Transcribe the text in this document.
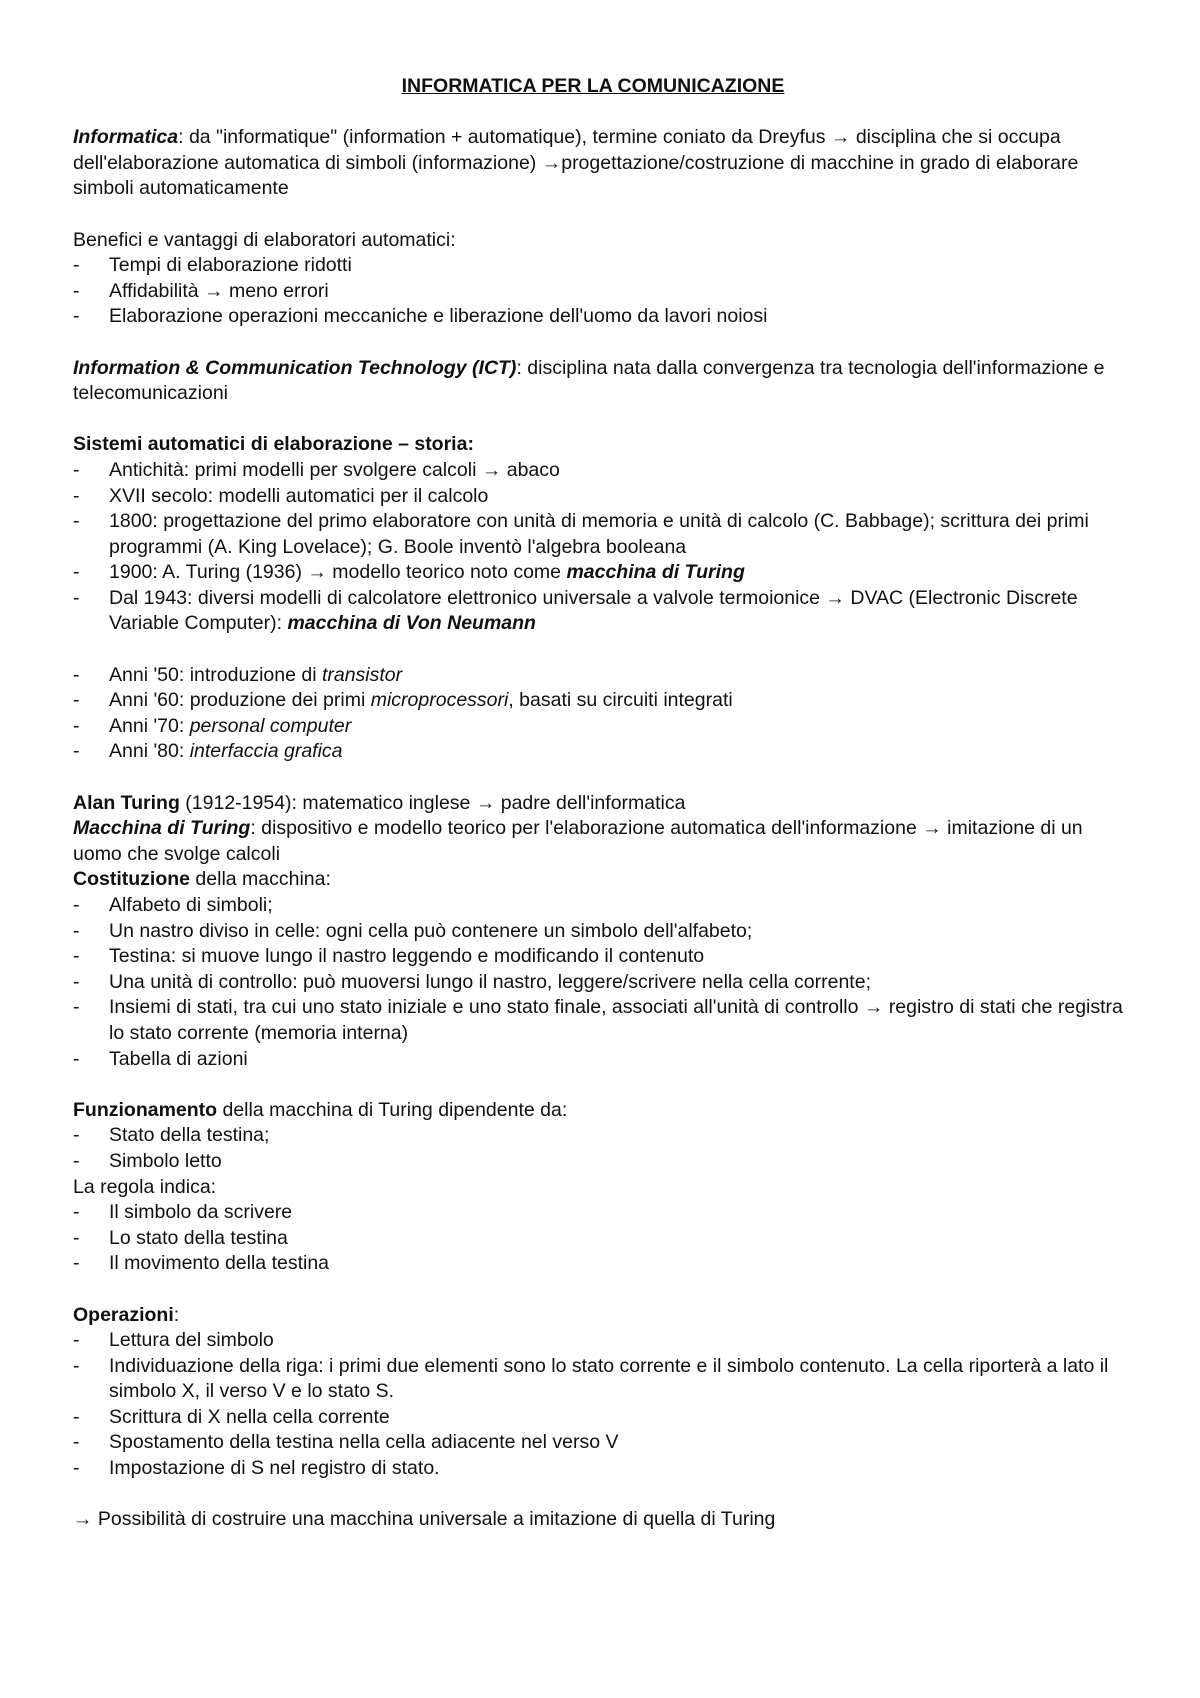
INFORMATICA PER LA COMUNICAZIONE

Informatica: da "informatique" (information + automatique), termine coniato da Dreyfus → disciplina che si occupa dell'elaborazione automatica di simboli (informazione) →progettazione/costruzione di macchine in grado di elaborare simboli automaticamente

Benefici e vantaggi di elaboratori automatici:

- Tempi di elaborazione ridotti
- Affidabilità → meno errori
- Elaborazione operazioni meccaniche e liberazione dell'uomo da lavori noiosi

Information & Communication Technology (ICT): disciplina nata dalla convergenza tra tecnologia dell'informazione e telecomunicazioni

Sistemi automatici di elaborazione – storia:

- Antichità: primi modelli per svolgere calcoli → abaco
- XVII secolo: modelli automatici per il calcolo
- 1800: progettazione del primo elaboratore con unità di memoria e unità di calcolo (C. Babbage); scrittura dei primi programmi (A. King Lovelace); G. Boole inventò l'algebra booleana
- 1900: A. Turing (1936) → modello teorico noto come macchina di Turing
- Dal 1943: diversi modelli di calcolatore elettronico universale a valvole termoionice → DVAC (Electronic Discrete Variable Computer): macchina di Von Neumann
- Anni '50: introduzione di transistor
- Anni '60: produzione dei primi microprocessori, basati su circuiti integrati
- Anni '70: personal computer
- Anni '80: interfaccia grafica

Alan Turing (1912-1954): matematico inglese → padre dell'informatica

Macchina di Turing: dispositivo e modello teorico per l'elaborazione automatica dell'informazione → imitazione di un uomo che svolge calcoli

Costituzione della macchina:

- Alfabeto di simboli;
- Un nastro diviso in celle: ogni cella può contenere un simbolo dell'alfabeto;
- Testina: si muove lungo il nastro leggendo e modificando il contenuto
- Una unità di controllo: può muoversi lungo il nastro, leggere/scrivere nella cella corrente;
- Insiemi di stati, tra cui uno stato iniziale e uno stato finale, associati all'unità di controllo → registro di stati che registra lo stato corrente (memoria interna)
- Tabella di azioni

Funzionamento della macchina di Turing dipendente da:

- Stato della testina;
- Simbolo letto

La regola indica:

- Il simbolo da scrivere
- Lo stato della testina
- Il movimento della testina

Operazioni:

- Lettura del simbolo
- Individuazione della riga: i primi due elementi sono lo stato corrente e il simbolo contenuto. La cella riporterà a lato il simbolo X, il verso V e lo stato S.
- Scrittura di X nella cella corrente
- Spostamento della testina nella cella adiacente nel verso V
- Impostazione di S nel registro di stato.

→ Possibilità di costruire una macchina universale a imitazione di quella di Turing
